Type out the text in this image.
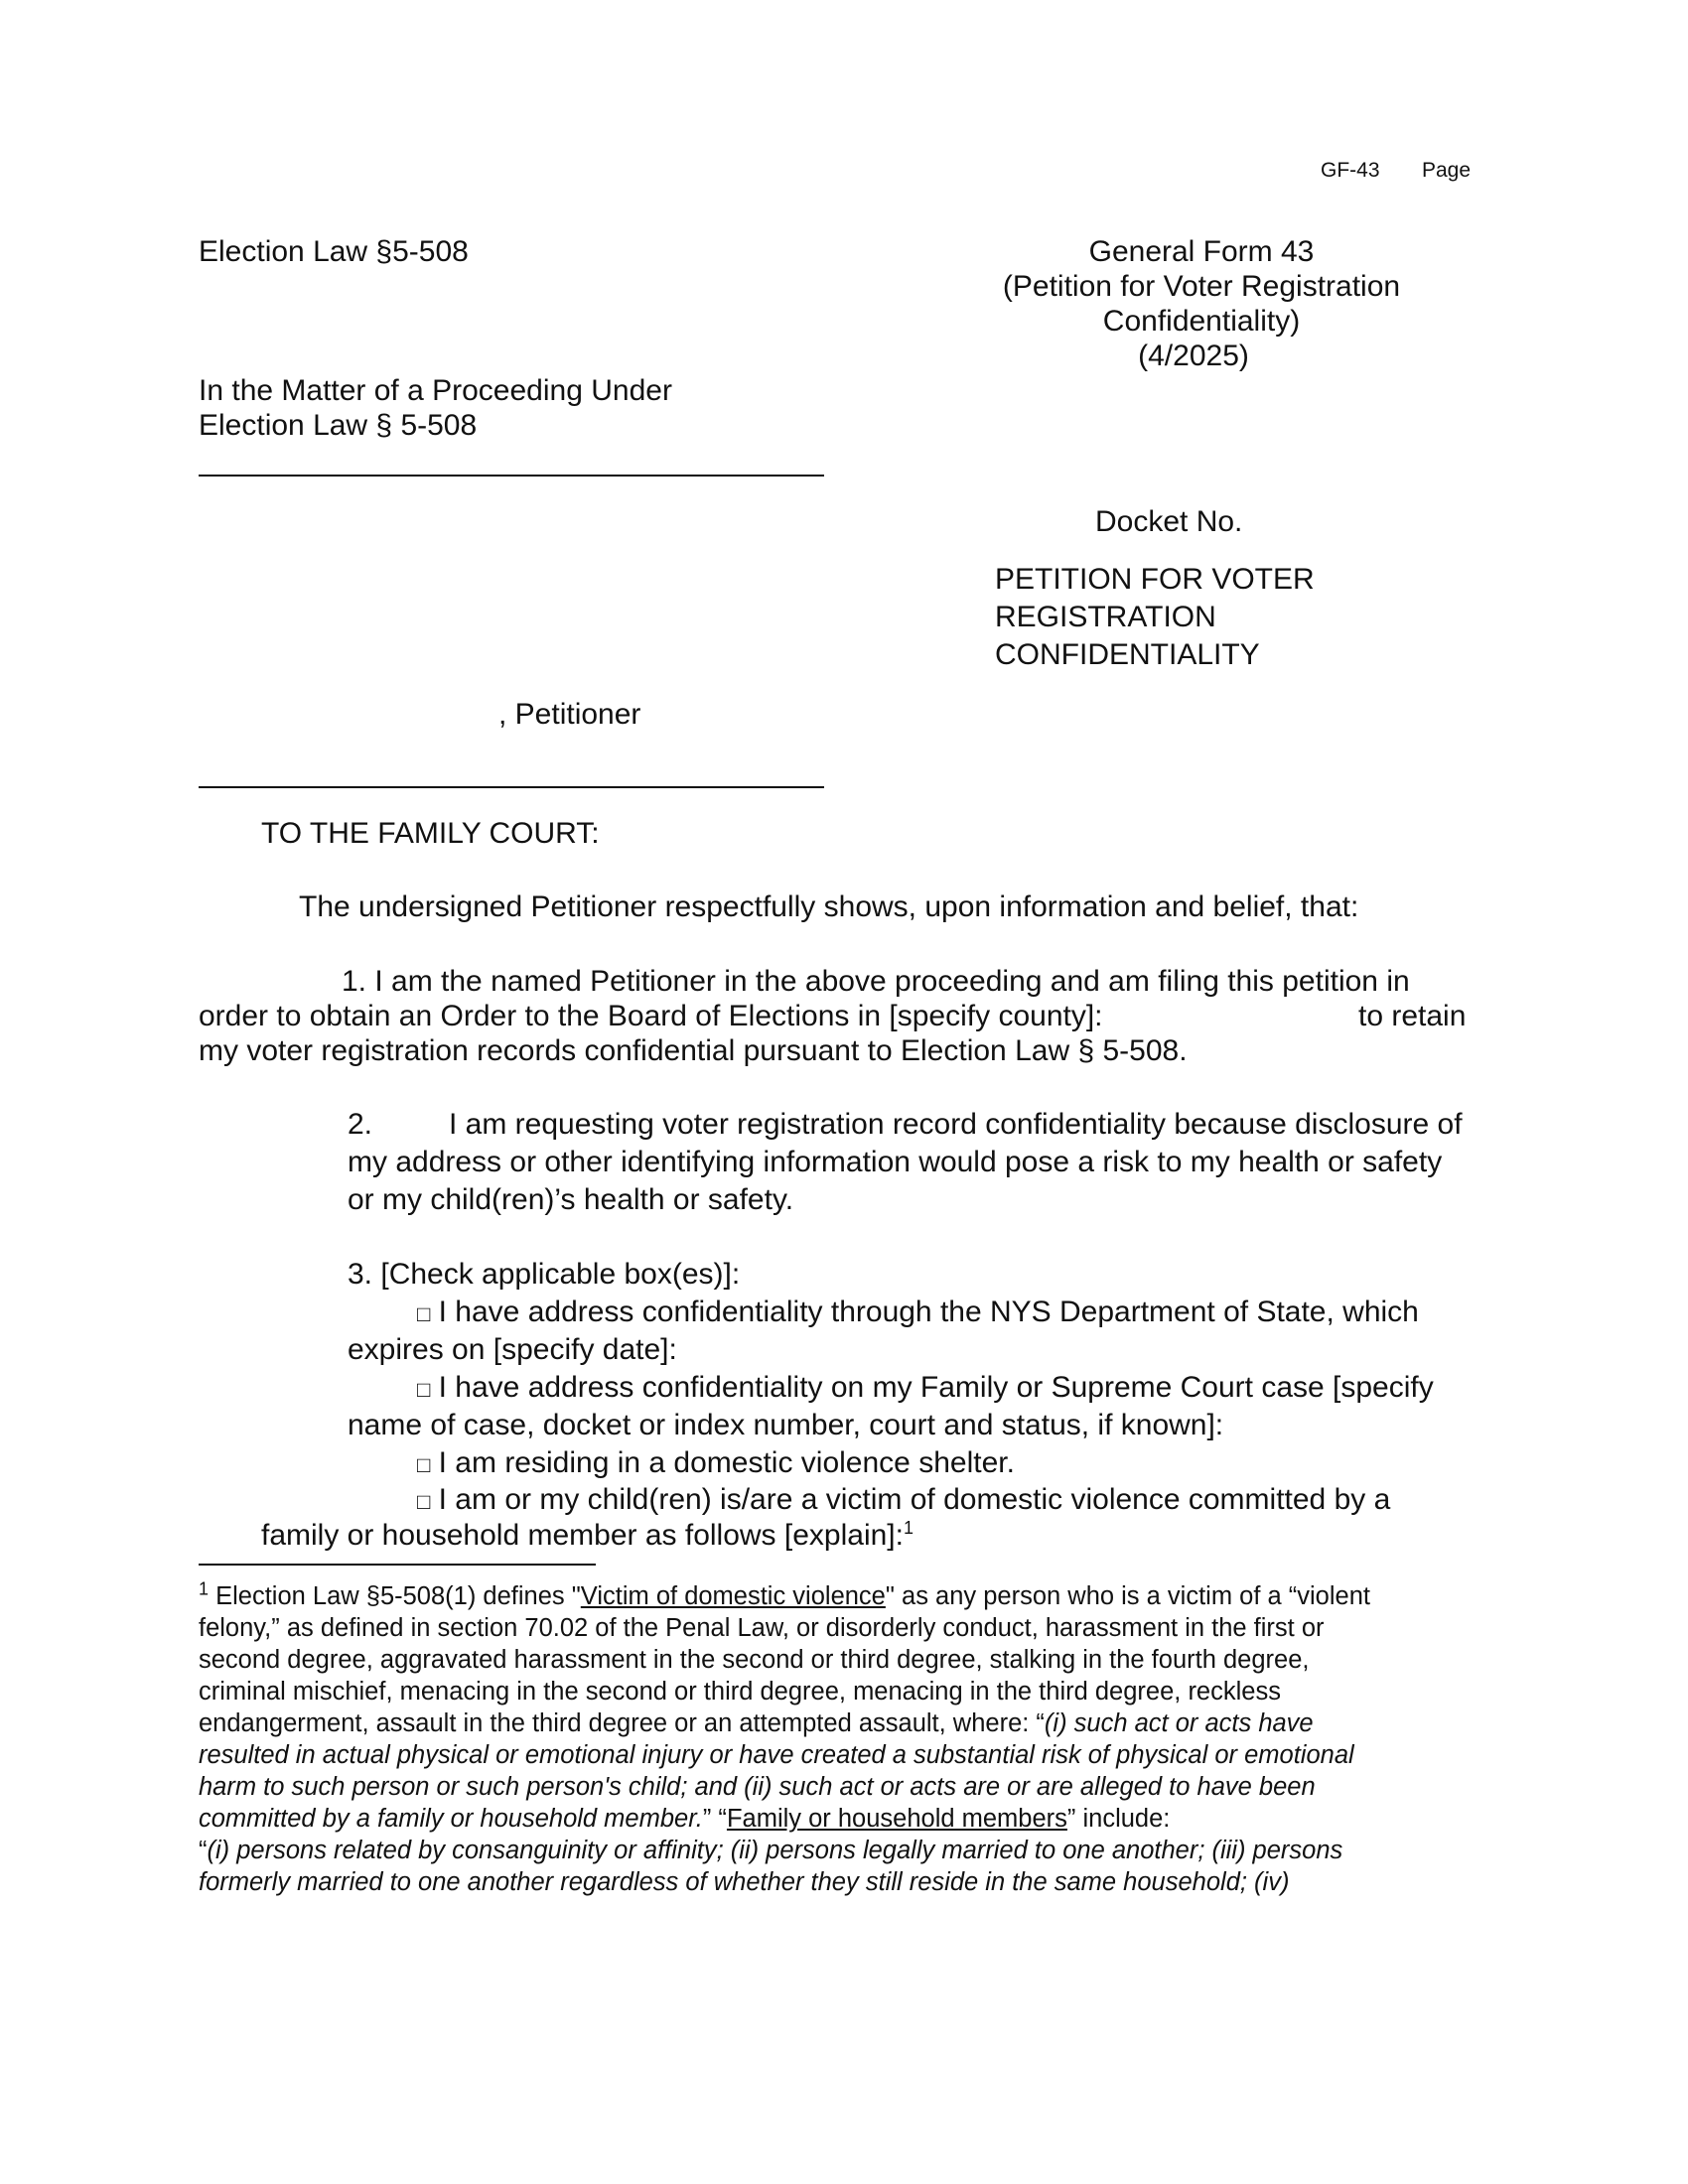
GF-43 Page
Election Law §5-508
In the Matter of a Proceeding Under
Election Law § 5-508
, Petitioner
General Form 43
(Petition for Voter Registration
Confidentiality)
(4/2025)
Docket No.
PETITION FOR VOTER
REGISTRATION
CONFIDENTIALITY
TO THE FAMILY COURT:
The undersigned Petitioner respectfully shows, upon information and belief, that:
1. I am the named Petitioner in the above proceeding and am filing this petition in
order to obtain an Order to the Board of Elections in [specify county]:	to retain
my voter registration records confidential pursuant to Election Law § 5-508.
2.	I am requesting voter registration record confidentiality because disclosure of
my address or other identifying information would pose a risk to my health or safety
or my child(ren)’s health or safety.
3. [Check applicable box(es)]:
□ I have address confidentiality through the NYS Department of State, which
expires on [specify date]:
□ I have address confidentiality on my Family or Supreme Court case [specify
name of case, docket or index number, court and status, if known]:
□ I am residing in a domestic violence shelter.
□ I am or my child(ren) is/are a victim of domestic violence committed by a
family or household member as follows [explain]:$^1$
$^1$ Election Law §5-508(1) defines "Victim of domestic violence" as any person who is a victim of a “violent
felony,” as defined in section 70.02 of the Penal Law, or disorderly conduct, harassment in the first or
second degree, aggravated harassment in the second or third degree, stalking in the fourth degree,
criminal mischief, menacing in the second or third degree, menacing in the third degree, reckless
endangerment, assault in the third degree or an attempted assault, where: “(i) such act or acts have
resulted in actual physical or emotional injury or have created a substantial risk of physical or emotional
harm to such person or such person's child; and (ii) such act or acts are or are alleged to have been
committed by a family or household member.” “Family or household members” include:
“(i) persons related by consanguinity or affinity; (ii) persons legally married to one another; (iii) persons
formerly married to one another regardless of whether they still reside in the same household; (iv)
